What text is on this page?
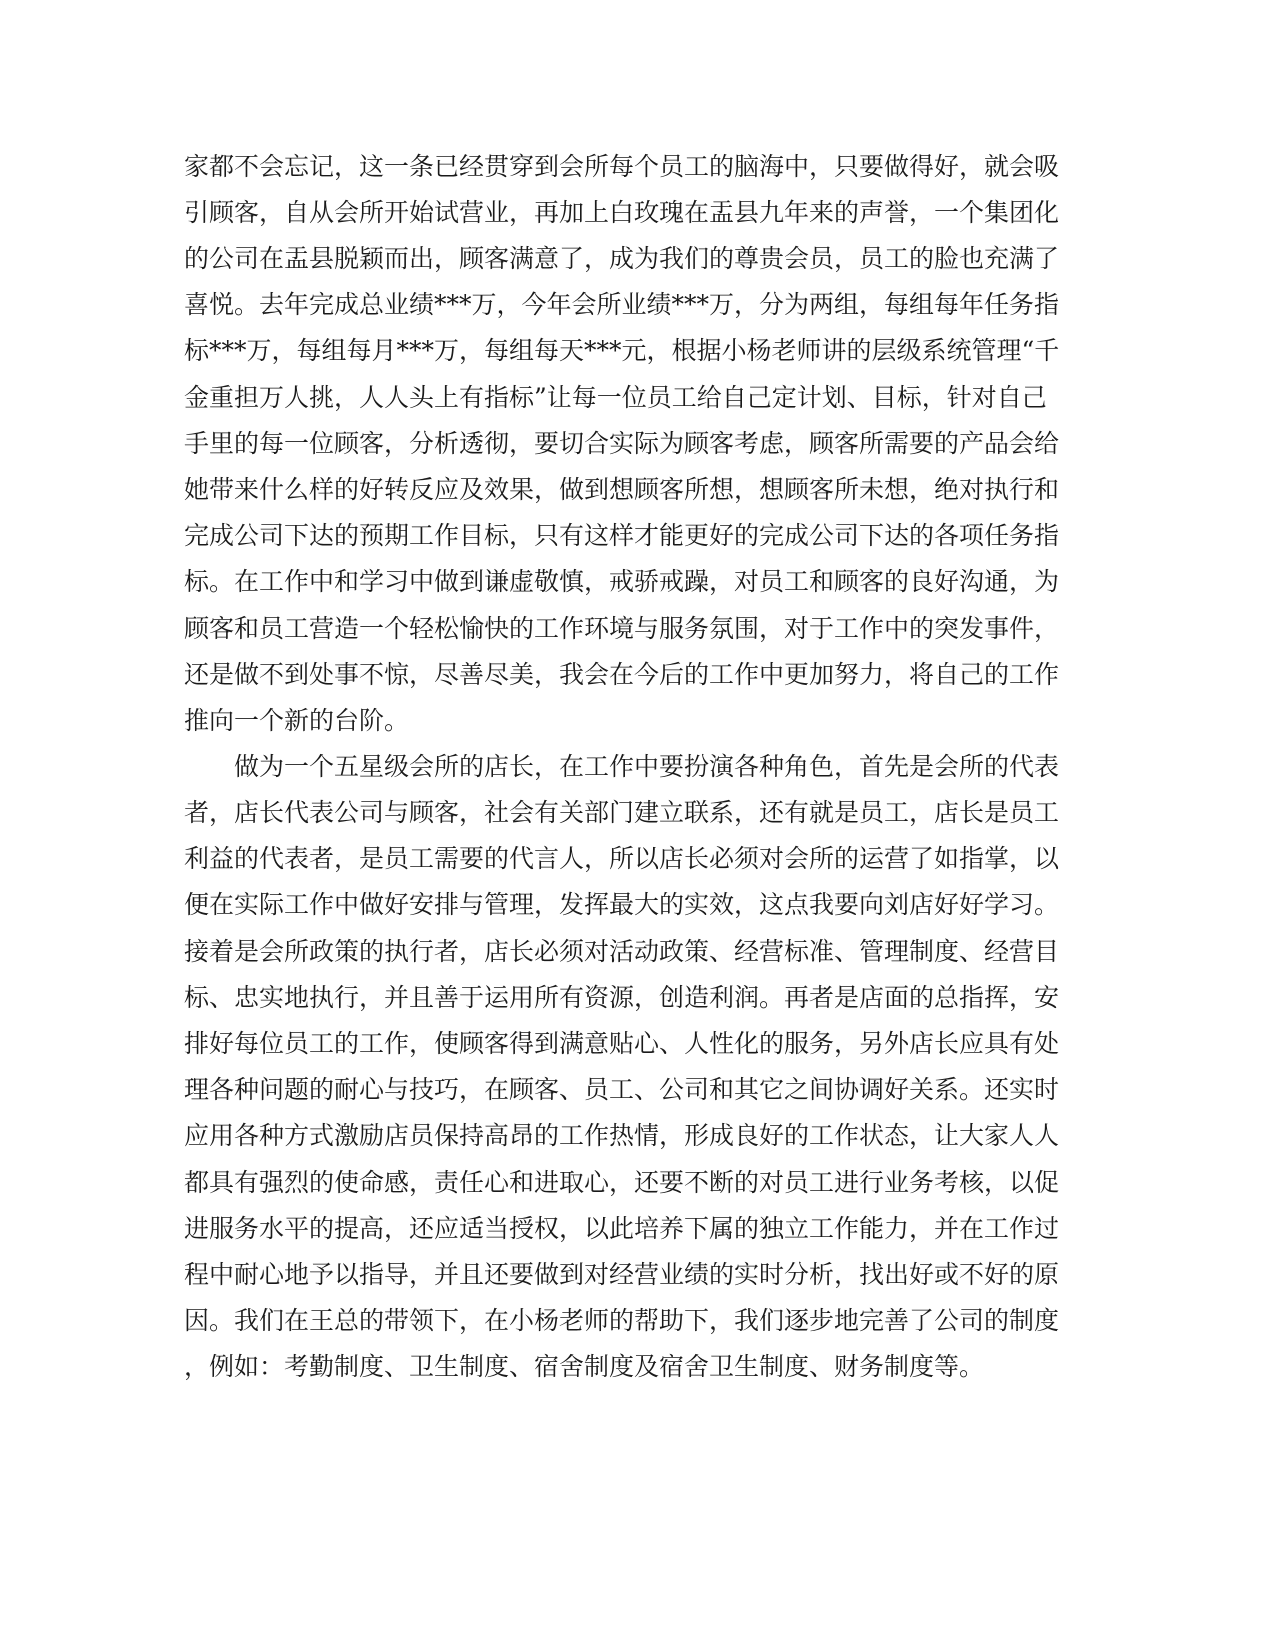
家都不会忘记，这一条已经贯穿到会所每个员工的脑海中，只要做得好，就会吸
引顾客，自从会所开始试营业，再加上白玫瑰在盂县九年来的声誉，一个集团化
的公司在盂县脱颖而出，顾客满意了，成为我们的尊贵会员，员工的脸也充满了
喜悦。去年完成总业绩***万，今年会所业绩***万，分为两组，每组每年任务指
标***万，每组每月***万，每组每天***元，根据小杨老师讲的层级系统管理“千
金重担万人挑，人人头上有指标”让每一位员工给自己定计划、目标，针对自己
手里的每一位顾客，分析透彻，要切合实际为顾客考虑，顾客所需要的产品会给
她带来什么样的好转反应及效果，做到想顾客所想，想顾客所未想，绝对执行和
完成公司下达的预期工作目标，只有这样才能更好的完成公司下达的各项任务指
标。在工作中和学习中做到谦虚敬慎，戒骄戒躁，对员工和顾客的良好沟通，为
顾客和员工营造一个轻松愉快的工作环境与服务氛围，对于工作中的突发事件，
还是做不到处事不惊，尽善尽美，我会在今后的工作中更加努力，将自己的工作
推向一个新的台阶。
做为一个五星级会所的店长，在工作中要扮演各种角色，首先是会所的代表
者，店长代表公司与顾客，社会有关部门建立联系，还有就是员工，店长是员工
利益的代表者，是员工需要的代言人，所以店长必须对会所的运营了如指掌，以
便在实际工作中做好安排与管理，发挥最大的实效，这点我要向刘店好好学习。
接着是会所政策的执行者，店长必须对活动政策、经营标准、管理制度、经营目
标、忠实地执行，并且善于运用所有资源，创造利润。再者是店面的总指挥，安
排好每位员工的工作，使顾客得到满意贴心、人性化的服务，另外店长应具有处
理各种问题的耐心与技巧，在顾客、员工、公司和其它之间协调好关系。还实时
应用各种方式激励店员保持高昂的工作热情，形成良好的工作状态，让大家人人
都具有强烈的使命感，责任心和进取心，还要不断的对员工进行业务考核，以促
进服务水平的提高，还应适当授权，以此培养下属的独立工作能力，并在工作过
程中耐心地予以指导，并且还要做到对经营业绩的实时分析，找出好或不好的原
因。我们在王总的带领下，在小杨老师的帮助下，我们逐步地完善了公司的制度
，例如：考勤制度、卫生制度、宿舍制度及宿舍卫生制度、财务制度等。
